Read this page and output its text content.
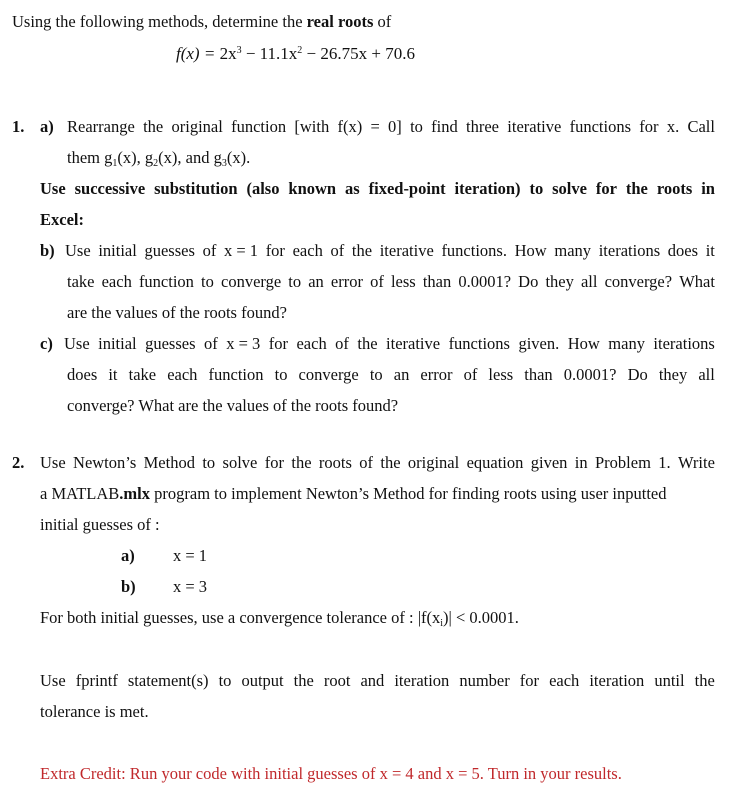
Using the following methods, determine the real roots of
$f(x) = 2x^3 - 11.1x^2 - 26.75x + 70.6$
1. a) Rearrange the original function [with f(x) = 0] to find three iterative functions for x. Call
them $g_1(x)$, $g_2(x)$, and $g_3(x)$.
Use successive substitution (also known as fixed-point iteration) to solve for the roots in
Excel:
b) Use initial guesses of x = 1 for each of the iterative functions. How many iterations does it
take each function to converge to an error of less than 0.0001? Do they all converge? What
are the values of the roots found?
c) Use initial guesses of x = 3 for each of the iterative functions given. How many iterations
does it take each function to converge to an error of less than 0.0001? Do they all
converge? What are the values of the roots found?
2. Use Newton’s Method to solve for the roots of the original equation given in Problem 1. Write
a MATLAB.mlx program to implement Newton’s Method for finding roots using user inputted
initial guesses of :
a) x = 1
b) x = 3
For both initial guesses, use a convergence tolerance of : $|f(x_i)| < 0.0001$.
Use fprintf statement(s) to output the root and iteration number for each iteration until the
tolerance is met.
Extra Credit: Run your code with initial guesses of x = 4 and x = 5. Turn in your results.
